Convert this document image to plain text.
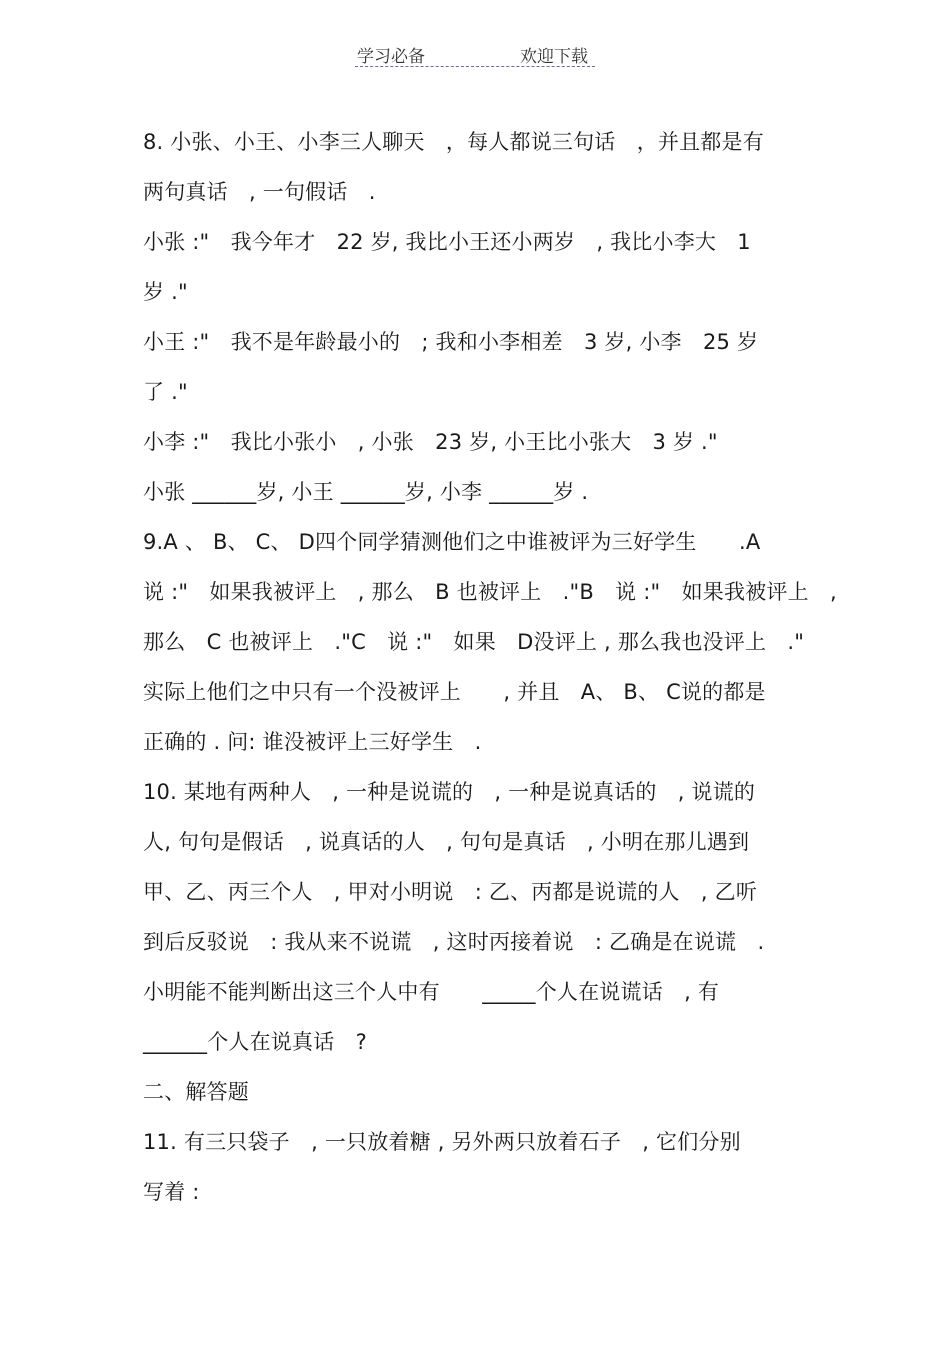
学习必备	欢迎下载
8. 小张、小王、小李三人聊天　，每人都说三句话　，并且都是有
两句真话　, 一句假话　.
小张 :"　我今年才　22 岁, 我比小王还小两岁　, 我比小李大　1
岁 ."
小王 :"　我不是年龄最小的　; 我和小李相差　3 岁, 小李　25 岁
了 ."
小李 :"　我比小张小　, 小张　23 岁, 小王比小张大　3 岁 ."
小张 ______岁, 小王 ______岁, 小李 ______岁 .
9.A 、 B、 C、 D四个同学猜测他们之中谁被评为三好学生　　.A
说 :"　如果我被评上　, 那么　B 也被评上　."B　说 :"　如果我被评上　,
那么　C 也被评上　."C　说 :"　如果　D没评上 , 那么我也没评上　."
实际上他们之中只有一个没被评上　　, 并且　A、 B、 C说的都是
正确的 . 问: 谁没被评上三好学生　.
10. 某地有两种人　, 一种是说谎的　, 一种是说真话的　, 说谎的
人, 句句是假话　, 说真话的人　, 句句是真话　, 小明在那儿遇到
甲、乙、丙三个人　, 甲对小明说　: 乙、丙都是说谎的人　, 乙听
到后反驳说　: 我从来不说谎　, 这时丙接着说　: 乙确是在说谎　.
小明能不能判断出这三个人中有　　_____个人在说谎话　, 有
______个人在说真话　?
二、解答题
11. 有三只袋子　, 一只放着糖 , 另外两只放着石子　, 它们分别
写着 :
